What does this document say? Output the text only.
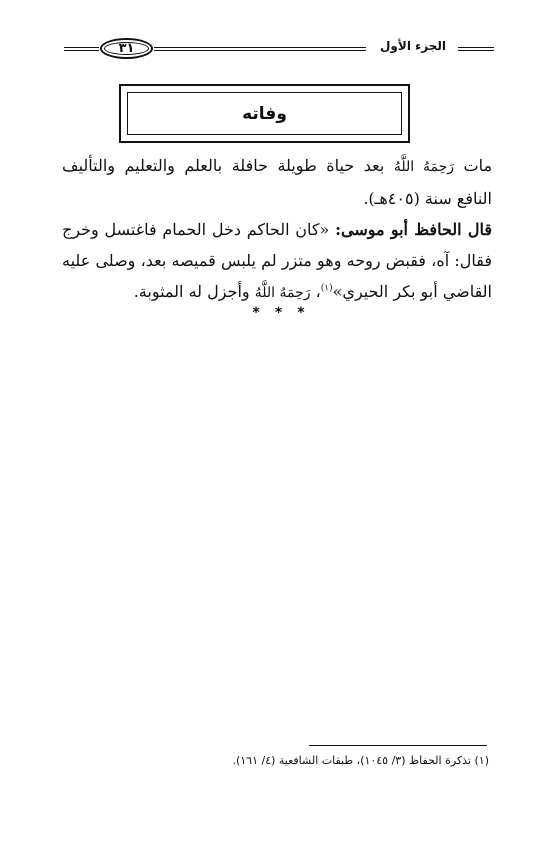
٣١	الجزء الأول
وفاته

مات رَحِمَهُ اللَّهُ بعد حياة طويلة حافلة بالعلم والتعليم والتأليف النافع سنة (٤٠٥هـ).

قال الحافظ أبو موسى: «كان الحاكم دخل الحمام فاغتسل وخرج فقال: آه، فقبض روحه وهو متزر لم يلبس قميصه بعد، وصلى عليه القاضي أبو بكر الحيري»$^{(١)}$، رَحِمَهُ اللَّهُ وأجزل له المثوبة.

* * *
(١) تذكرة الحفاظ (٣/ ١٠٤٥)، طبقات الشافعية (٤/ ١٦١).
